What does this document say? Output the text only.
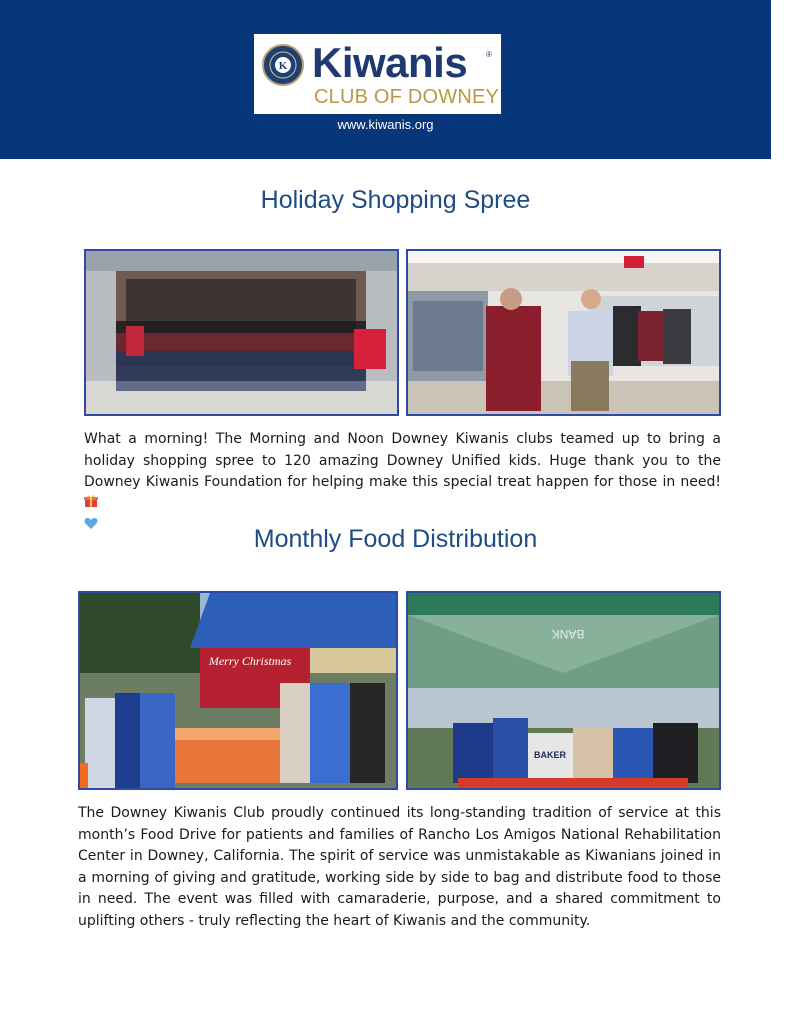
K Kiwanis ®
CLUB OF DOWNEY
www.kiwanis.org
Holiday Shopping Spree

What a morning! The Morning and Noon Downey Kiwanis clubs teamed up to bring a holiday shopping spree to 120 amazing Downey Unified kids. Huge thank you to the Downey Kiwanis Foundation for helping make this special treat happen for those in need!

Monthly Food Distribution
Merry Christmas
BANK
BAKER

The Downey Kiwanis Club proudly continued its long-standing tradition of service at this month’s Food Drive for patients and families of Rancho Los Amigos National Rehabilitation Center in Downey, California. The spirit of service was unmistakable as Kiwanians joined in a morning of giving and gratitude, working side by side to bag and distribute food to those in need. The event was filled with camaraderie, purpose, and a shared commitment to uplifting others - truly reflecting the heart of Kiwanis and the community.
